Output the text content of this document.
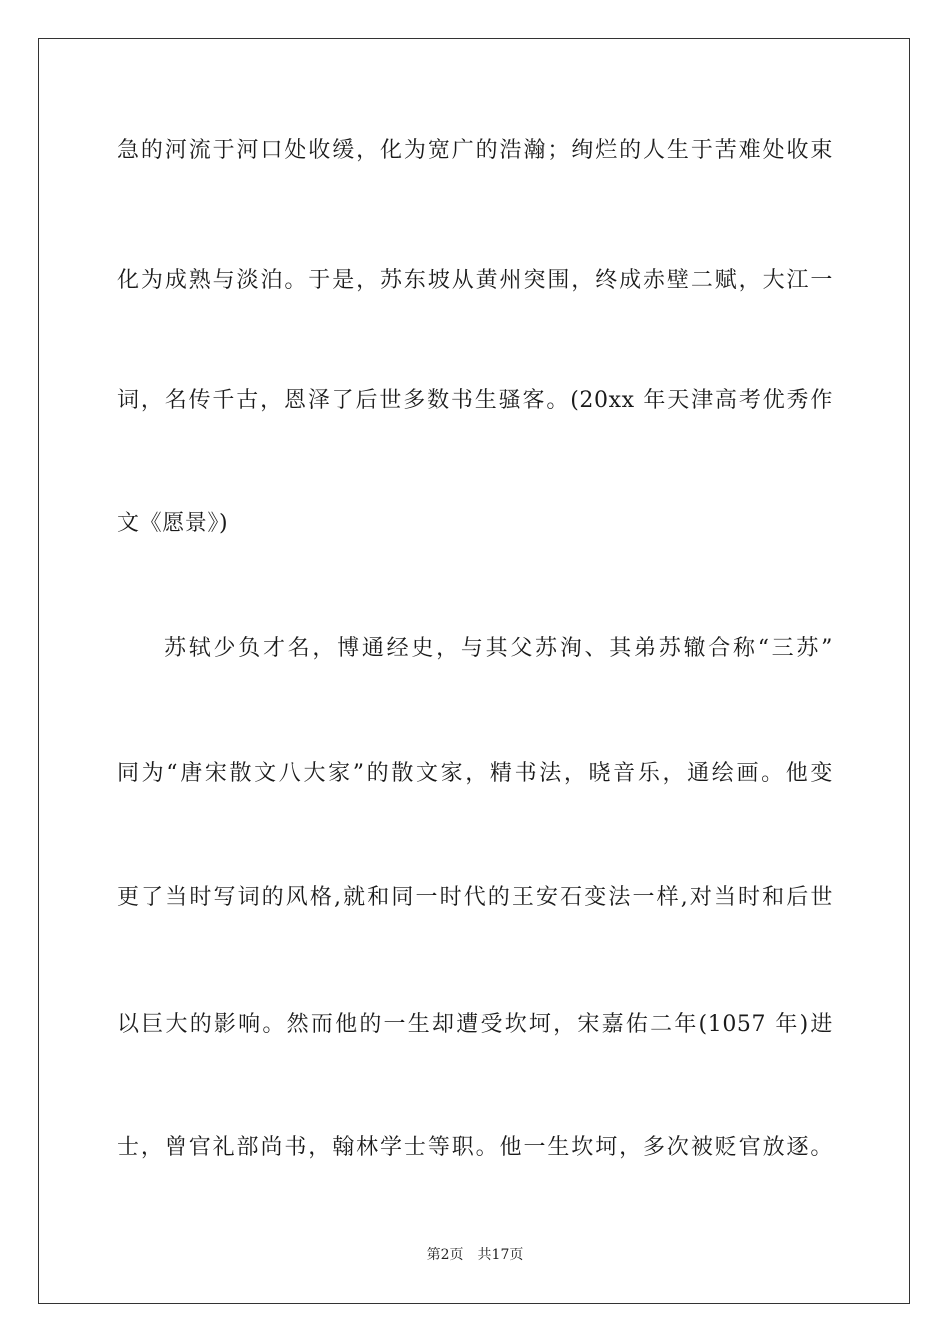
急的河流于河口处收缓，化为宽广的浩瀚；绚烂的人生于苦难处收束
化为成熟与淡泊。于是，苏东坡从黄州突围，终成赤壁二赋，大江一
词，名传千古，恩泽了后世多数书生骚客。(20xx 年天津高考优秀作
文《愿景》)
苏轼少负才名，博通经史，与其父苏洵、其弟苏辙合称“三苏”
同为“唐宋散文八大家”的散文家，精书法，晓音乐，通绘画。他变
更了当时写词的风格,就和同一时代的王安石变法一样,对当时和后世
以巨大的影响。然而他的一生却遭受坎坷，宋嘉佑二年(1057 年)进
士，曾官礼部尚书，翰林学士等职。他一生坎坷，多次被贬官放逐。
第2页 共17页
